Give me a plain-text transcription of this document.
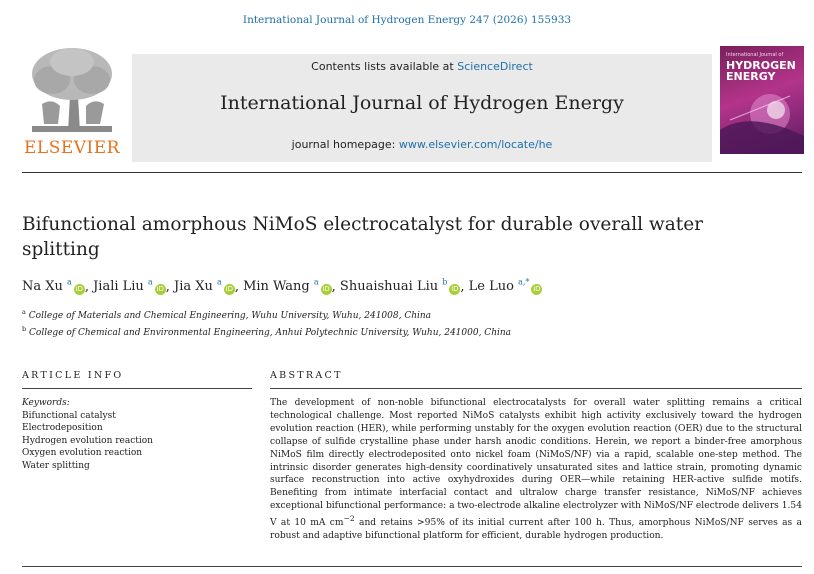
International Journal of Hydrogen Energy 247 (2026) 155933
ELSEVIER
Contents lists available at ScienceDirect
International Journal of Hydrogen Energy
journal homepage: www.elsevier.com/locate/he
International Journal of
HYDROGEN
ENERGY
Bifunctional amorphous NiMoS electrocatalyst for durable overall water splitting
Na Xu $^a$iD , Jiali Liu $^a$iD , Jia Xu $^a$iD , Min Wang $^a$iD , Shuaishuai Liu $^b$iD , Le Luo $^{a,*}$iD
$^a$ College of Materials and Chemical Engineering, Wuhu University, Wuhu, 241008, China
$^b$ College of Chemical and Environmental Engineering, Anhui Polytechnic University, Wuhu, 241000, China
ARTICLE INFO	ABSTRACT
Keywords:
Bifunctional catalyst
Electrodeposition
Hydrogen evolution reaction
Oxygen evolution reaction
Water splitting

The development of non-noble bifunctional electrocatalysts for overall water splitting remains a critical technological challenge. Most reported NiMoS catalysts exhibit high activity exclusively toward the hydrogen evolution reaction (HER), while performing unstably for the oxygen evolution reaction (OER) due to the structural collapse of sulfide crystalline phase under harsh anodic conditions. Herein, we report a binder-free amorphous NiMoS film directly electrodeposited onto nickel foam (NiMoS/NF) via a rapid, scalable one-step method. The intrinsic disorder generates high-density coordinatively unsaturated sites and lattice strain, promoting dynamic surface reconstruction into active oxyhydroxides during OER—while retaining HER-active sulfide motifs. Benefiting from intimate interfacial contact and ultralow charge transfer resistance, NiMoS/NF achieves exceptional bifunctional performance: a two-electrode alkaline electrolyzer with NiMoS/NF electrode delivers 1.54 V at 10 mA $cm^{-2}$ and retains >95% of its initial current after 100 h. Thus, amorphous NiMoS/NF serves as a robust and adaptive bifunctional platform for efficient, durable hydrogen production.
